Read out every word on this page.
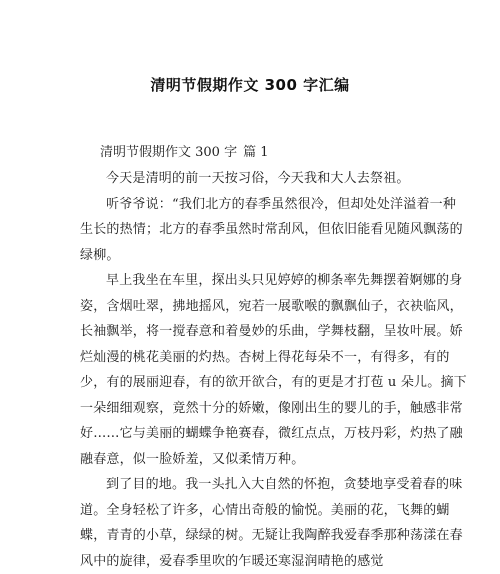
清明节假期作文 300 字汇编
清明节假期作文 300 字 篇 1

今天是清明的前一天按习俗，今天我和大人去祭祖。

听爷爷说：“我们北方的春季虽然很冷，但却处处洋溢着一种
生长的热情；北方的春季虽然时常刮风，但依旧能看见随风飘荡的
绿柳。

早上我坐在车里，探出头只见婷婷的柳条率先舞摆着婀娜的身
姿，含烟吐翠，拂地摇风，宛若一展歌喉的飘飘仙子，衣袂临风，
长袖飘举，将一搅春意和着曼妙的乐曲，学舞枝翻，呈妆叶展。娇
烂灿漫的桃花美丽的灼热。杏树上得花每朵不一，有得多，有的
少，有的展丽迎春，有的欲开欲合，有的更是才打苞 u 朵儿。摘下
一朵细细观察，竟然十分的娇嫩，像刚出生的婴儿的手，触感非常
好……它与美丽的蝴蝶争艳赛春，微红点点，万枝丹彩，灼热了融
融春意，似一脸娇羞，又似柔情万种。

到了目的地。我一头扎入大自然的怀抱，贪婪地享受着春的味
道。全身轻松了许多，心情出奇般的愉悦。美丽的花，飞舞的蝴
蝶，青青的小草，绿绿的树。无疑让我陶醉我爱春季那种荡漾在春
风中的旋律，爱春季里吹的乍暖还寒湿润晴艳的感觉
